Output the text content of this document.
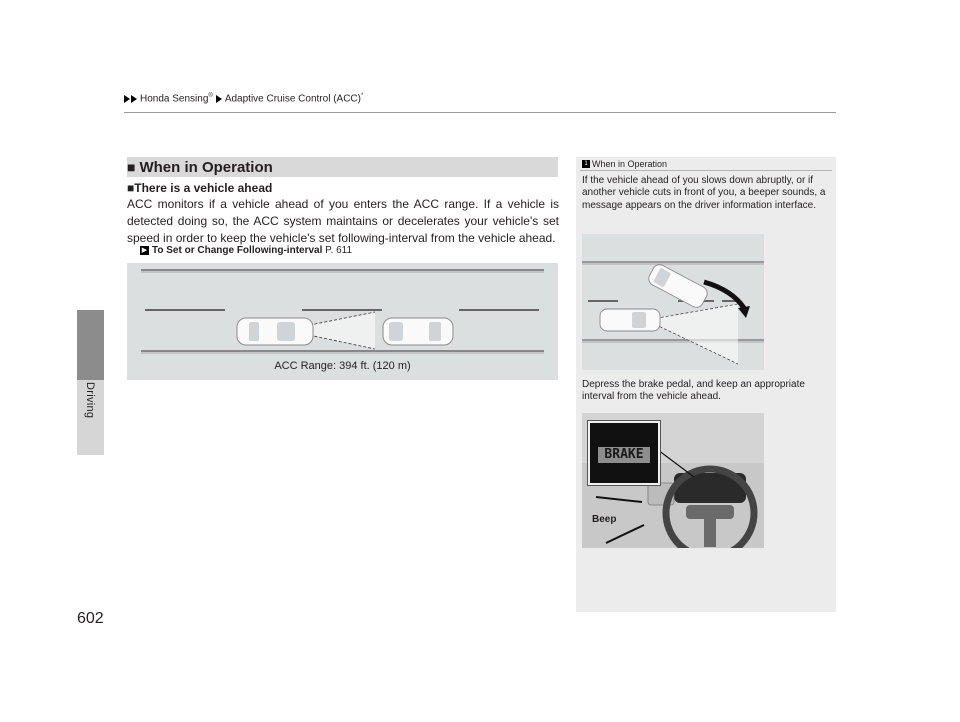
Honda Sensing® Adaptive Cruise Control (ACC)*
Driving
602
■ When in Operation
■There is a vehicle ahead
ACC monitors if a vehicle ahead of you enters the ACC range. If a vehicle is detected doing so, the ACC system maintains or decelerates your vehicle's set speed in order to keep the vehicle's set following-interval from the vehicle ahead.
▶ To Set or Change Following-interval P. 611
ACC Range: 394 ft. (120 m)
1 When in Operation
If the vehicle ahead of you slows down abruptly, or if another vehicle cuts in front of you, a beeper sounds, a message appears on the driver information interface.
Depress the brake pedal, and keep an appropriate interval from the vehicle ahead.
BRAKE
Beep
